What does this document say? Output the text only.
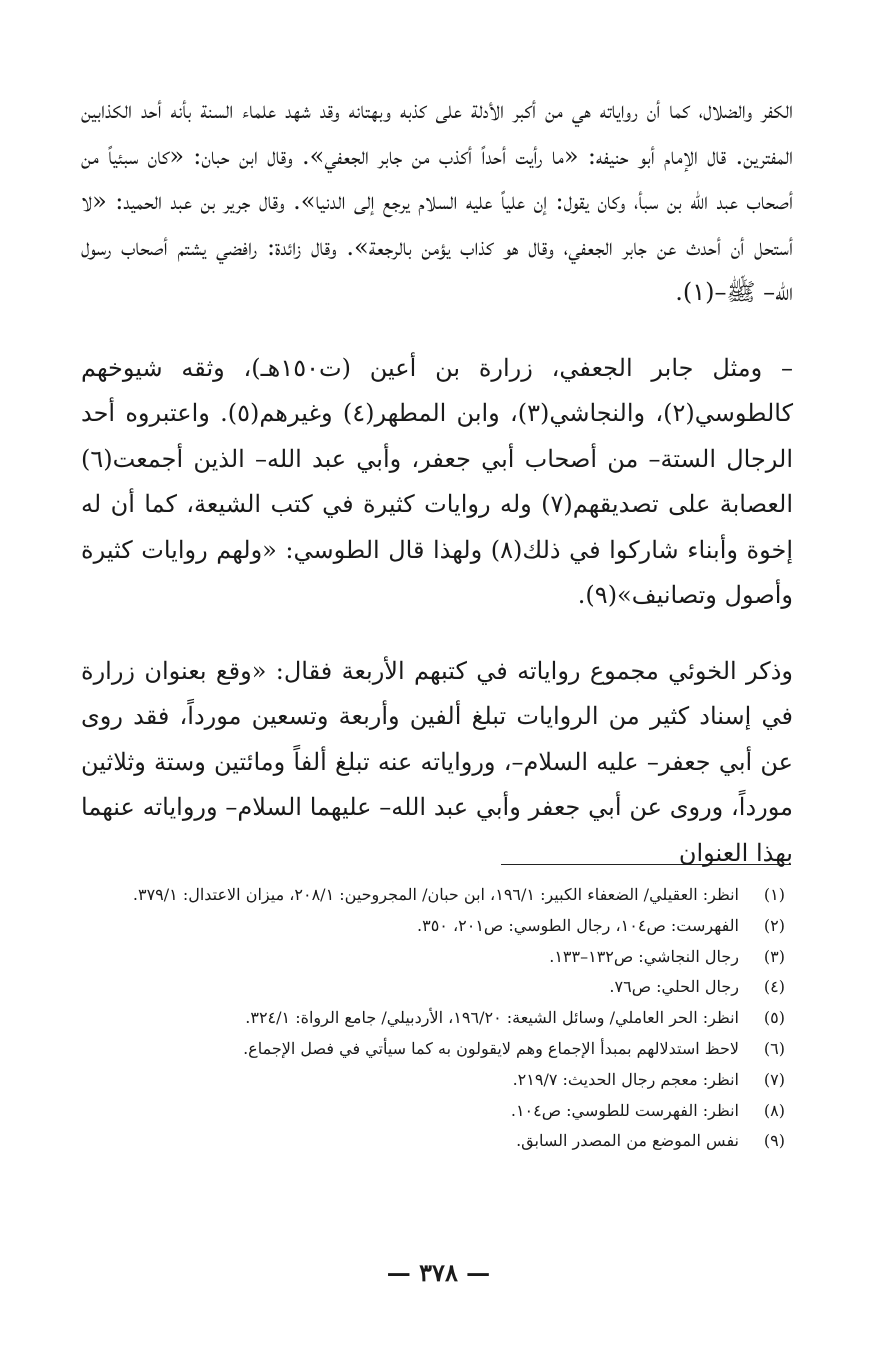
الكفر والضلال، كما أن رواياته هي من أكبر الأدلة على كذبه وبهتانه وقد شهد علماء السنة بأنه أحد الكذابين المفترين. قال الإمام أبو حنيفه: «ما رأيت أحداً أكذب من جابر الجعفي». وقال ابن حبان: «كان سبئياً من أصحاب عبد الله بن سبأ، وكان يقول: إن علياً عليه السلام يرجع إلى الدنيا». وقال جرير بن عبد الحميد: «لا أستحل أن أحدث عن جابر الجعفي، وقال هو كذاب يؤمن بالرجعة». وقال زائدة: رافضي يشتم أصحاب رسول الله– ﷺ–(١).

– ومثل جابر الجعفي، زرارة بن أعين (ت١٥٠هـ)، وثقه شيوخهم كالطوسي(٢)، والنجاشي(٣)، وابن المطهر(٤) وغيرهم(٥). واعتبروه أحد الرجال الستة– من أصحاب أبي جعفر، وأبي عبد الله– الذين أجمعت(٦) العصابة على تصديقهم(٧) وله روايات كثيرة في كتب الشيعة، كما أن له إخوة وأبناء شاركوا في ذلك(٨) ولهذا قال الطوسي: «ولهم روايات كثيرة وأصول وتصانيف»(٩).

وذكر الخوئي مجموع رواياته في كتبهم الأربعة فقال: «وقع بعنوان زرارة في إسناد كثير من الروايات تبلغ ألفين وأربعة وتسعين مورداً، فقد روى عن أبي جعفر– عليه السلام–، ورواياته عنه تبلغ ألفاً ومائتين وستة وثلاثين مورداً، وروى عن أبي جعفر وأبي عبد الله– عليهما السلام– ورواياته عنهما بهذا العنوان

(١)
انظر: العقيلي/ الضعفاء الكبير: ١٩٦/١، ابن حبان/ المجروحين: ٢٠٨/١، ميزان الاعتدال: ٣٧٩/١.
(٢)
الفهرست: ص١٠٤، رجال الطوسي: ص٢٠١، ٣٥٠.
(٣)
رجال النجاشي: ص١٣٢–١٣٣.
(٤)
رجال الحلي: ص٧٦.
(٥)
انظر: الحر العاملي/ وسائل الشيعة: ١٩٦/٢٠، الأردبيلي/ جامع الرواة: ٣٢٤/١.
(٦)
لاحظ استدلالهم بمبدأ الإجماع وهم لايقولون به كما سيأتي في فصل الإجماع.
(٧)
انظر: معجم رجال الحديث: ٢١٩/٧.
(٨)
انظر: الفهرست للطوسي: ص١٠٤.
(٩)
نفس الموضع من المصدر السابق.
— ٣٧٨ —
